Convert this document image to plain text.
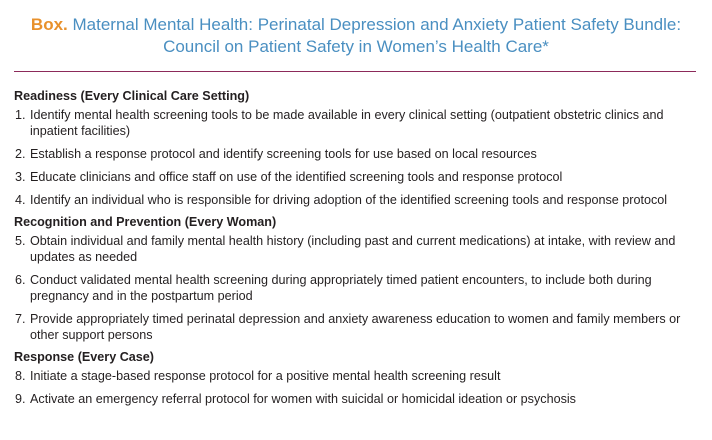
Box. Maternal Mental Health: Perinatal Depression and Anxiety Patient Safety Bundle:
Council on Patient Safety in Women’s Health Care*
Readiness (Every Clinical Care Setting)
1. Identify mental health screening tools to be made available in every clinical setting (outpatient obstetric clinics and inpatient facilities)
2. Establish a response protocol and identify screening tools for use based on local resources
3. Educate clinicians and office staff on use of the identified screening tools and response protocol
4. Identify an individual who is responsible for driving adoption of the identified screening tools and response protocol
Recognition and Prevention (Every Woman)
5. Obtain individual and family mental health history (including past and current medications) at intake, with review and updates as needed
6. Conduct validated mental health screening during appropriately timed patient encounters, to include both during pregnancy and in the postpartum period
7. Provide appropriately timed perinatal depression and anxiety awareness education to women and family members or other support persons
Response (Every Case)
8. Initiate a stage-based response protocol for a positive mental health screening result
9. Activate an emergency referral protocol for women with suicidal or homicidal ideation or psychosis
